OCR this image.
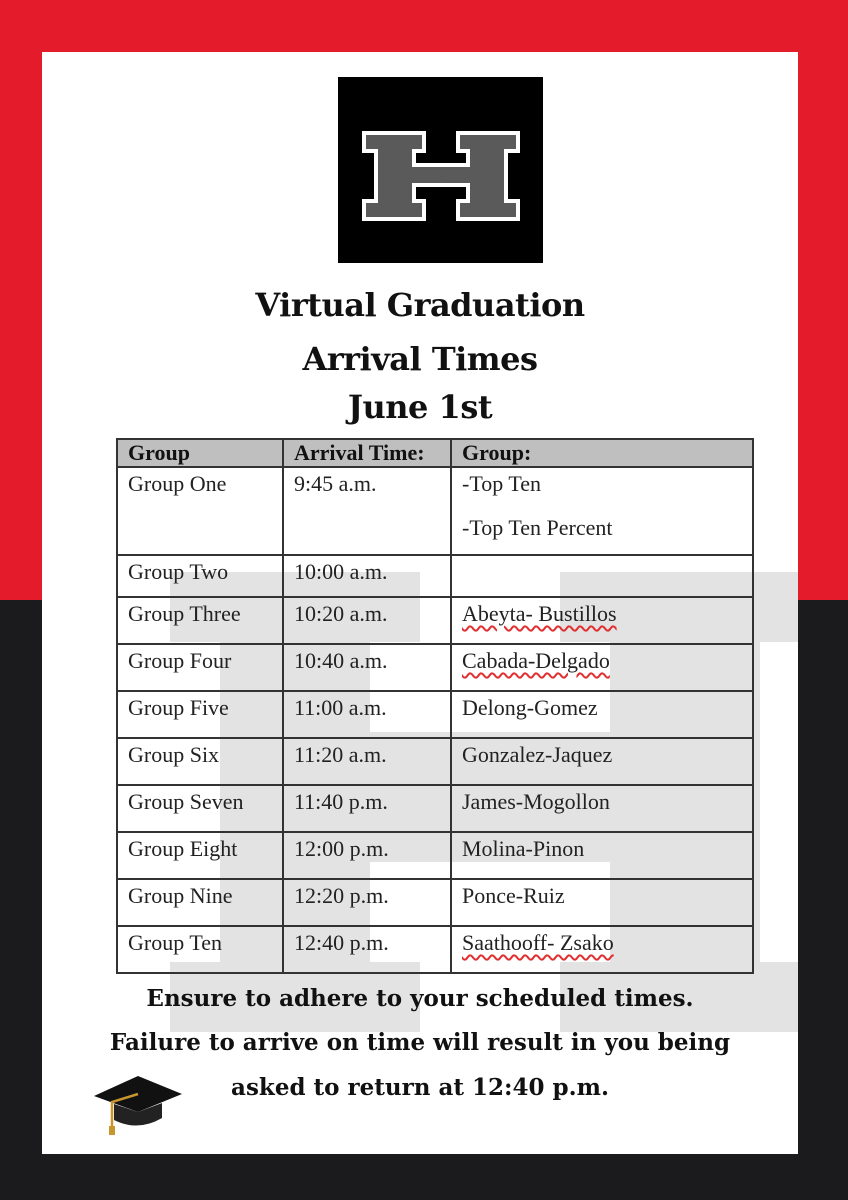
H
Virtual Graduation
Arrival Times
June 1st
Group	Arrival Time:	Group:
Group One	9:45 a.m.	-Top Ten
-Top Ten Percent

Group Two	10:00 a.m.	
Group Three	10:20 a.m.	Abeyta- Bustillos
Group Four	10:40 a.m.	Cabada-Delgado
Group Five	11:00 a.m.	Delong-Gomez
Group Six	11:20 a.m.	Gonzalez-Jaquez
Group Seven	11:40 p.m.	James-Mogollon
Group Eight	12:00 p.m.	Molina-Pinon
Group Nine	12:20 p.m.	Ponce-Ruiz
Group Ten	12:40 p.m.	Saathooff- Zsako
Ensure to adhere to your scheduled times.
Failure to arrive on time will result in you being
asked to return at 12:40 p.m.
